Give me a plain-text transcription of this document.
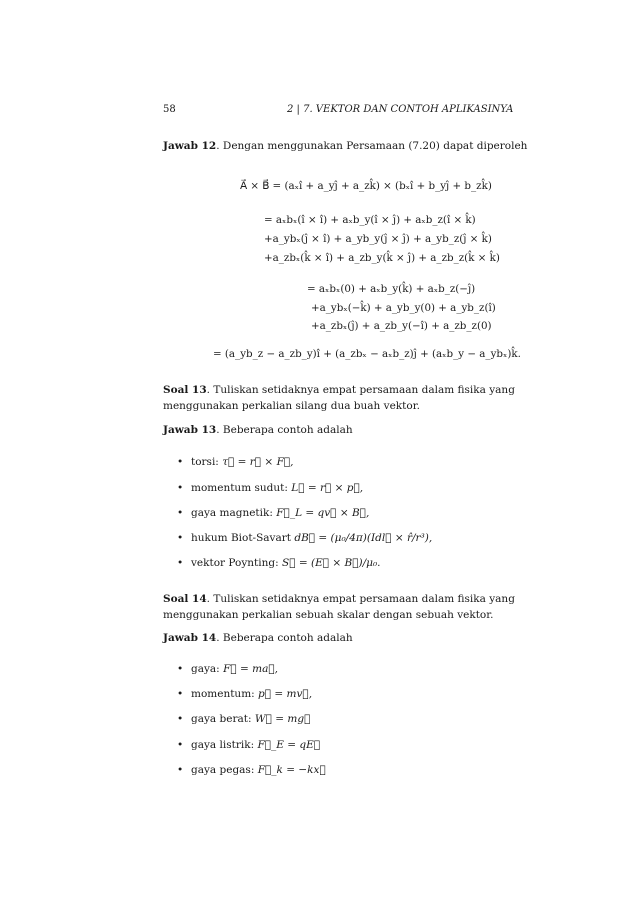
58	2 | 7. VEKTOR DAN CONTOH APLIKASINYA
Jawab 12. Dengan menggunakan Persamaan (7.20) dapat diperoleh
A⃗ × B⃗ = (aₓî + a_yĵ + a_zk̂) × (bₓî + b_yĵ + b_zk̂)
= aₓbₓ(î × î) + aₓb_y(î × ĵ) + aₓb_z(î × k̂)
+a_ybₓ(ĵ × î) + a_yb_y(ĵ × ĵ) + a_yb_z(ĵ × k̂)
+a_zbₓ(k̂ × î) + a_zb_y(k̂ × ĵ) + a_zb_z(k̂ × k̂)
= aₓbₓ(0) + aₓb_y(k̂) + aₓb_z(−ĵ)
+a_ybₓ(−k̂) + a_yb_y(0) + a_yb_z(î)
+a_zbₓ(ĵ) + a_zb_y(−î) + a_zb_z(0)
= (a_yb_z − a_zb_y)î + (a_zbₓ − aₓb_z)ĵ + (aₓb_y − a_ybₓ)k̂.
Soal 13. Tuliskan setidaknya empat persamaan dalam fisika yang menggunakan perkalian silang dua buah vektor.
Jawab 13. Beberapa contoh adalah
• torsi: τ⃗ = r⃗ × F⃗,
• momentum sudut: L⃗ = r⃗ × p⃗,
• gaya magnetik: F⃗_L = qv⃗ × B⃗,
• hukum Biot-Savart dB⃗ = (μ₀/4π)(Idl⃗ × r̂/r³),
• vektor Poynting: S⃗ = (E⃗ × B⃗)/μ₀.
Soal 14. Tuliskan setidaknya empat persamaan dalam fisika yang menggunakan perkalian sebuah skalar dengan sebuah vektor.
Jawab 14. Beberapa contoh adalah
• gaya: F⃗ = ma⃗,
• momentum: p⃗ = mv⃗,
• gaya berat: W⃗ = mg⃗
• gaya listrik: F⃗_E = qE⃗
• gaya pegas: F⃗_k = −kx⃗
